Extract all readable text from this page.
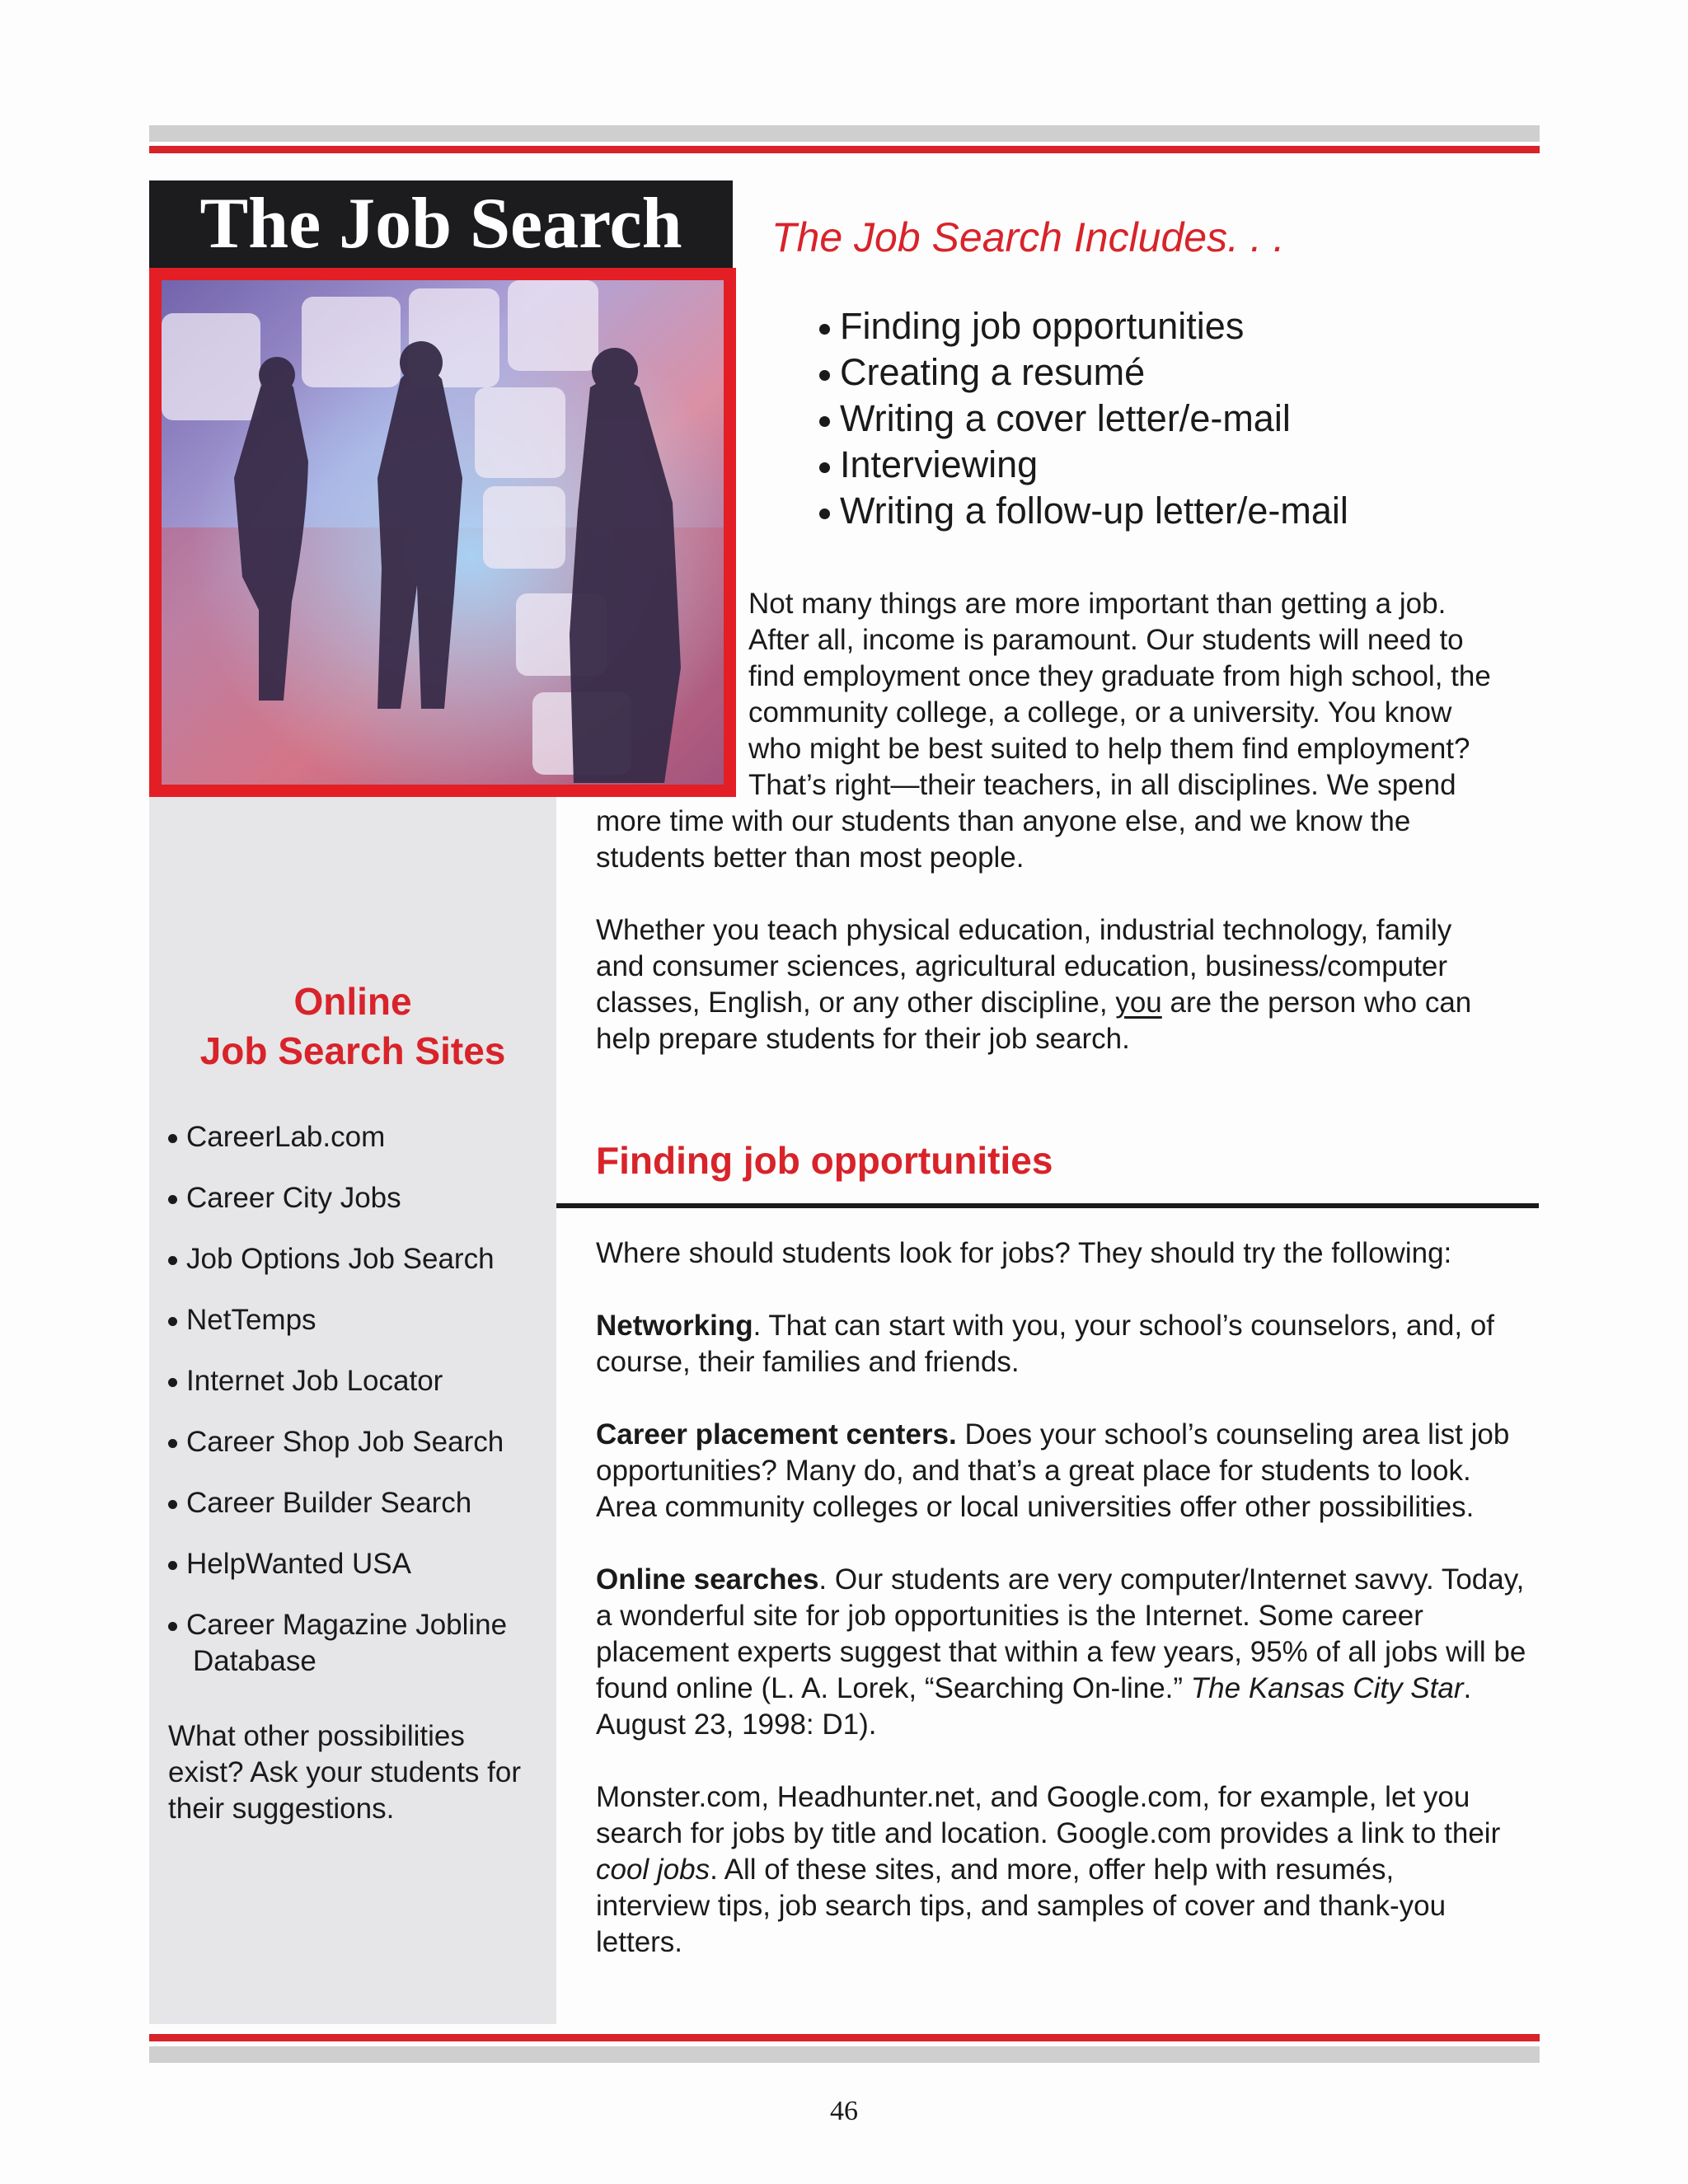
The Job Search	The Job Search Includes. . .
Finding job opportunities
Creating a resumé
Writing a cover letter/e-mail
Interviewing
Writing a follow-up letter/e-mail
Not many things are more important than getting a job.
After all, income is paramount. Our students will need to
find employment once they graduate from high school, the
community college, a college, or a university. You know
who might be best suited to help them find employment?
That’s right—their teachers, in all disciplines. We spend
more time with our students than anyone else, and we know the
students better than most people.

Whether you teach physical education, industrial technology, family and consumer sciences, agricultural education, business/computer classes, English, or any other discipline, you are the person who can help prepare students for their job search.

Online
Job Search Sites
CareerLab.com
Career City Jobs
Job Options Job Search
NetTemps
Internet Job Locator
Career Shop Job Search
Career Builder Search
HelpWanted USA
Career Magazine Jobline Database
What other possibilities exist? Ask your students for their suggestions.
Finding job opportunities

Where should students look for jobs? They should try the following:

Networking. That can start with you, your school’s counselors, and, of course, their families and friends.

Career placement centers. Does your school’s counseling area list job opportunities? Many do, and that’s a great place for students to look. Area community colleges or local universities offer other possibilities.

Online searches. Our students are very computer/Internet savvy. Today, a wonderful site for job opportunities is the Internet. Some career placement experts suggest that within a few years, 95% of all jobs will be found online (L. A. Lorek, “Searching On-line.” The Kansas City Star. August 23, 1998: D1).

Monster.com, Headhunter.net, and Google.com, for example, let you search for jobs by title and location. Google.com provides a link to their cool jobs. All of these sites, and more, offer help with resumés, interview tips, job search tips, and samples of cover and thank-you letters.

46
